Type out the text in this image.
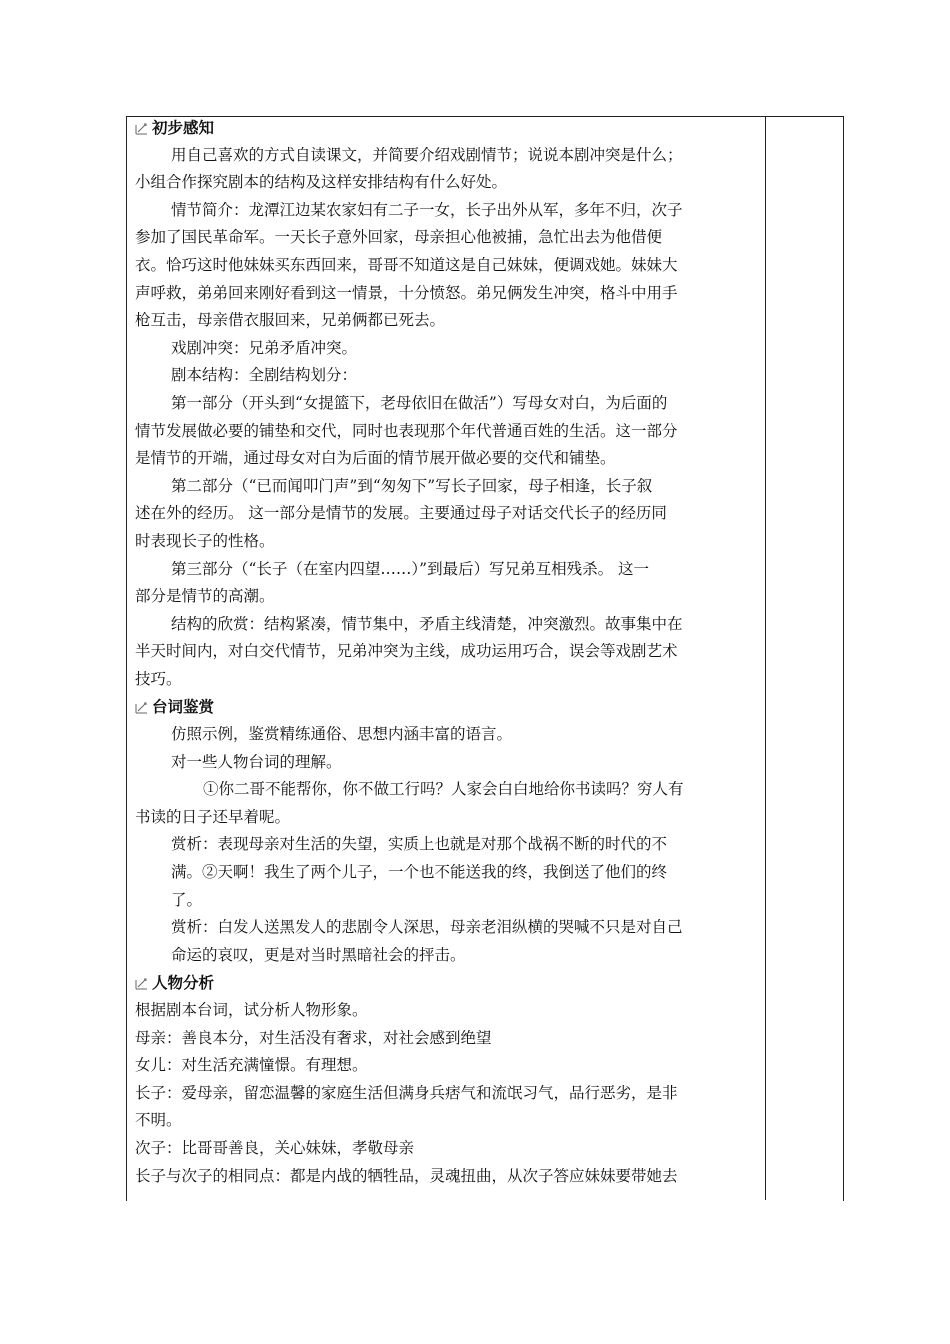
初步感知
用自己喜欢的方式自读课文，并简要介绍戏剧情节；说说本剧冲突是什么；
小组合作探究剧本的结构及这样安排结构有什么好处。
情节简介：龙潭江边某农家妇有二子一女，长子出外从军，多年不归，次子
参加了国民革命军。一天长子意外回家，母亲担心他被捕，急忙出去为他借便
衣。恰巧这时他妹妹买东西回来，哥哥不知道这是自己妹妹，便调戏她。妹妹大
声呼救，弟弟回来刚好看到这一情景，十分愤怒。弟兄俩发生冲突，格斗中用手
枪互击，母亲借衣服回来，兄弟俩都已死去。
戏剧冲突：兄弟矛盾冲突。
剧本结构：全剧结构划分：
第一部分（开头到“女提篮下，老母依旧在做活”）写母女对白，为后面的
情节发展做必要的铺垫和交代，同时也表现那个年代普通百姓的生活。这一部分
是情节的开端，通过母女对白为后面的情节展开做必要的交代和铺垫。
第二部分（“已而闻叩门声”到“匆匆下”写长子回家，母子相逢，长子叙
述在外的经历。 这一部分是情节的发展。主要通过母子对话交代长子的经历同
时表现长子的性格。
第三部分（“长子（在室内四望……）”到最后）写兄弟互相残杀。 这一
部分是情节的高潮。
结构的欣赏：结构紧凑，情节集中，矛盾主线清楚，冲突激烈。故事集中在
半天时间内，对白交代情节，兄弟冲突为主线，成功运用巧合，误会等戏剧艺术
技巧。
台词鉴赏
仿照示例，鉴赏精练通俗、思想内涵丰富的语言。
对一些人物台词的理解。
①你二哥不能帮你，你不做工行吗？人家会白白地给你书读吗？穷人有
书读的日子还早着呢。
赏析：表现母亲对生活的失望，实质上也就是对那个战祸不断的时代的不
满。②天啊！我生了两个儿子，一个也不能送我的终，我倒送了他们的终
了。
赏析：白发人送黑发人的悲剧令人深思，母亲老泪纵横的哭喊不只是对自己
命运的哀叹，更是对当时黑暗社会的抨击。
人物分析
根据剧本台词，试分析人物形象。
母亲：善良本分，对生活没有奢求，对社会感到绝望
女儿：对生活充满憧憬。有理想。
长子：爱母亲，留恋温馨的家庭生活但满身兵痞气和流氓习气，品行恶劣，是非
不明。
次子：比哥哥善良，关心妹妹，孝敬母亲
长子与次子的相同点：都是内战的牺牲品，灵魂扭曲，从次子答应妹妹要带她去
